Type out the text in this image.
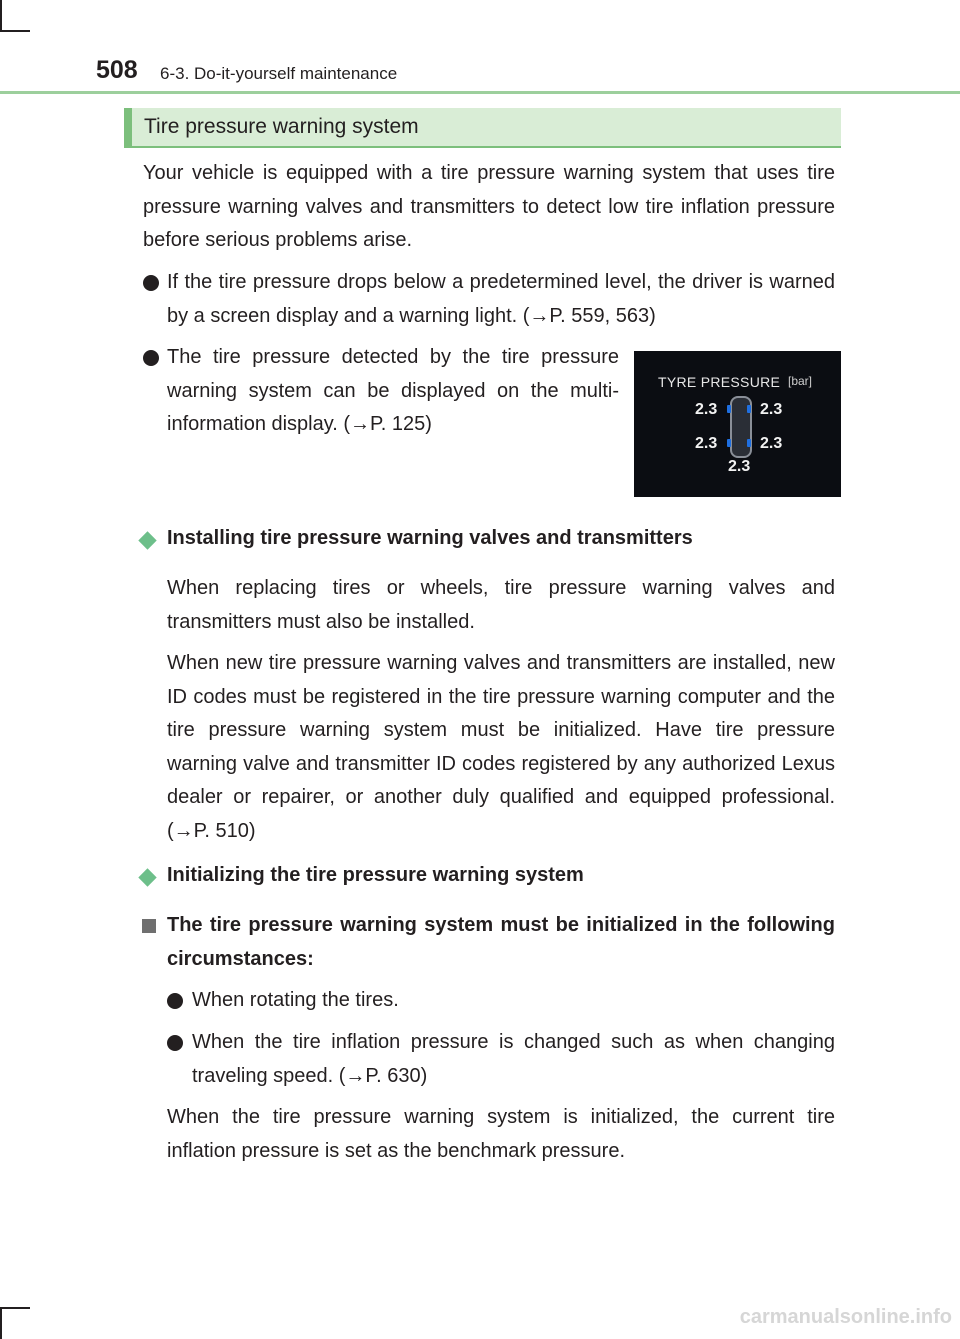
508 6-3. Do-it-yourself maintenance
Tire pressure warning system

Your vehicle is equipped with a tire pressure warning system that uses tire pressure warning valves and transmitters to detect low tire inflation pressure before serious problems arise.

If the tire pressure drops below a predetermined level, the driver is warned by a screen display and a warning light. (→P. 559, 563)
The tire pressure detected by the tire pressure warning system can be displayed on the multi-information display. (→P. 125)
TYRE PRESSURE [bar]
2.3	2.3
2.3	2.3
2.3
Installing tire pressure warning valves and transmitters

When replacing tires or wheels, tire pressure warning valves and transmitters must also be installed.

When new tire pressure warning valves and transmitters are installed, new ID codes must be registered in the tire pressure warning computer and the tire pressure warning system must be initialized. Have tire pressure warning valve and transmitter ID codes registered by any authorized Lexus dealer or repairer, or another duly qualified and equipped professional. (→P. 510)

Initializing the tire pressure warning system
The tire pressure warning system must be initialized in the following circumstances:
When rotating the tires.
When the tire inflation pressure is changed such as when changing traveling speed. (→P. 630)

When the tire pressure warning system is initialized, the current tire inflation pressure is set as the benchmark pressure.

carmanualsonline.info
